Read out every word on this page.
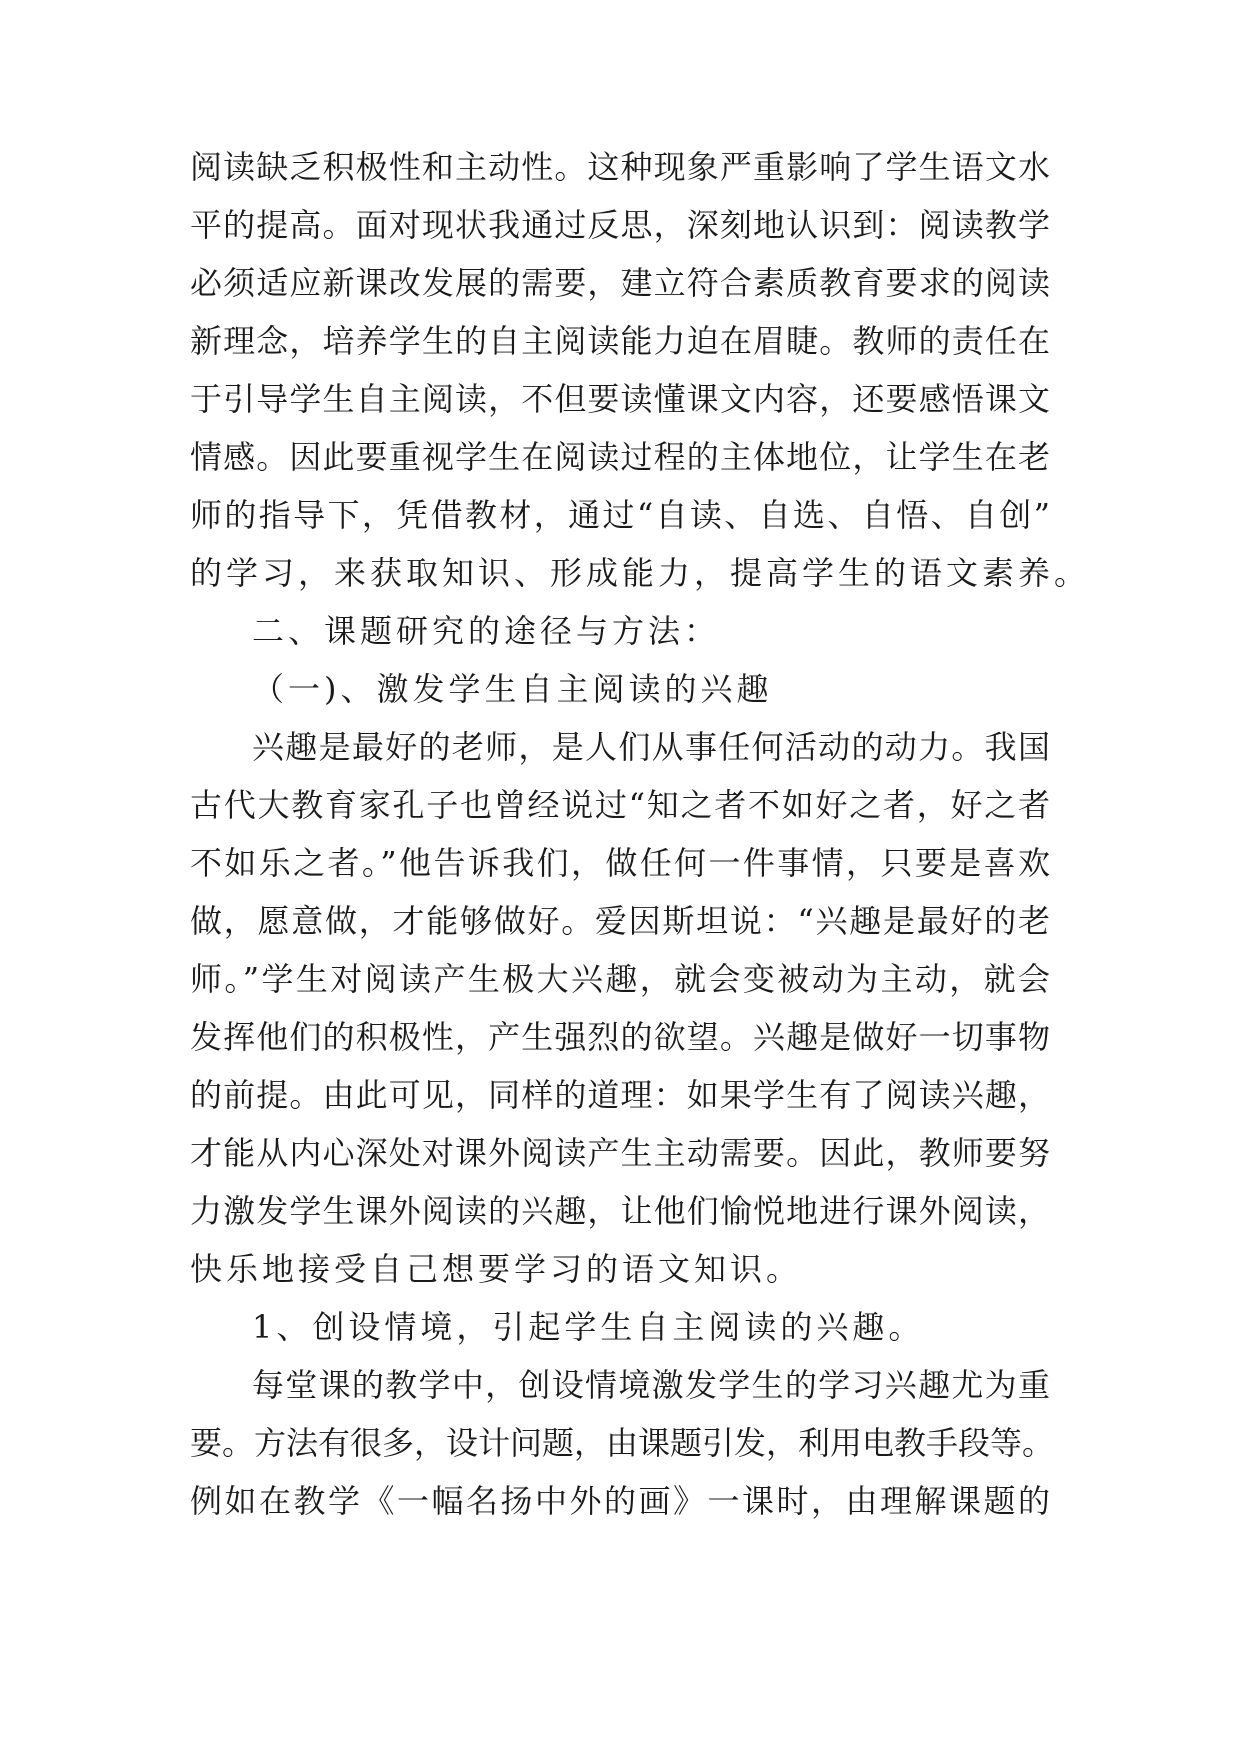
阅读缺乏积极性和主动性。这种现象严重影响了学生语文水
平的提高。面对现状我通过反思，深刻地认识到：阅读教学
必须适应新课改发展的需要，建立符合素质教育要求的阅读
新理念，培养学生的自主阅读能力迫在眉睫。教师的责任在
于引导学生自主阅读，不但要读懂课文内容，还要感悟课文
情感。因此要重视学生在阅读过程的主体地位，让学生在老
师的指导下，凭借教材，通过“自读、自选、自悟、自创”
的学习，来获取知识、形成能力，提高学生的语文素养。
二、课题研究的途径与方法：
（一)、激发学生自主阅读的兴趣
兴趣是最好的老师，是人们从事任何活动的动力。我国
古代大教育家孔子也曾经说过“知之者不如好之者，好之者
不如乐之者。”他告诉我们，做任何一件事情，只要是喜欢
做，愿意做，才能够做好。爱因斯坦说：“兴趣是最好的老
师。”学生对阅读产生极大兴趣，就会变被动为主动，就会
发挥他们的积极性，产生强烈的欲望。兴趣是做好一切事物
的前提。由此可见，同样的道理：如果学生有了阅读兴趣，
才能从内心深处对课外阅读产生主动需要。因此，教师要努
力激发学生课外阅读的兴趣，让他们愉悦地进行课外阅读，
快乐地接受自己想要学习的语文知识。
1、创设情境，引起学生自主阅读的兴趣。
每堂课的教学中，创设情境激发学生的学习兴趣尤为重
要。方法有很多，设计问题，由课题引发，利用电教手段等。
例如在教学《一幅名扬中外的画》一课时，由理解课题的
